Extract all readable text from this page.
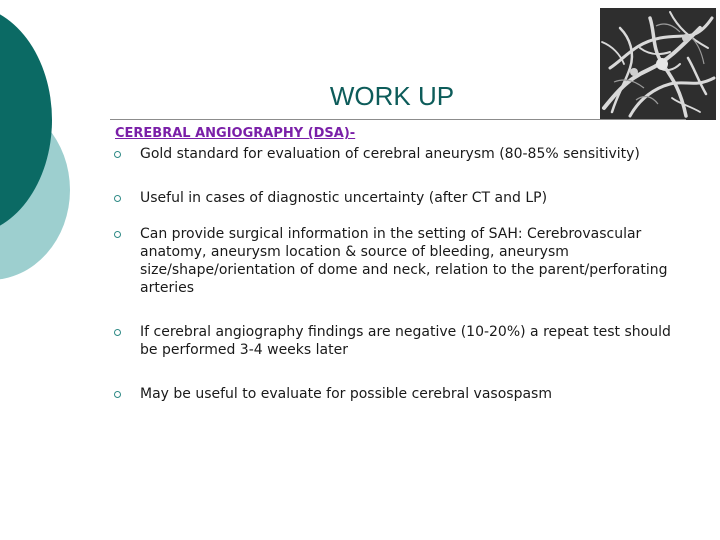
WORK UP
CEREBRAL ANGIOGRAPHY (DSA)-
Gold standard for evaluation of cerebral aneurysm (80-85% sensitivity)
Useful in cases of diagnostic uncertainty (after CT and LP)
Can provide surgical information in the setting of SAH: Cerebrovascular anatomy, aneurysm location & source of bleeding, aneurysm size/shape/orientation of dome and neck, relation to the parent/perforating arteries
If cerebral angiography findings are negative (10-20%) a repeat test should be performed 3-4 weeks later
May be useful to evaluate for possible cerebral vasospasm
